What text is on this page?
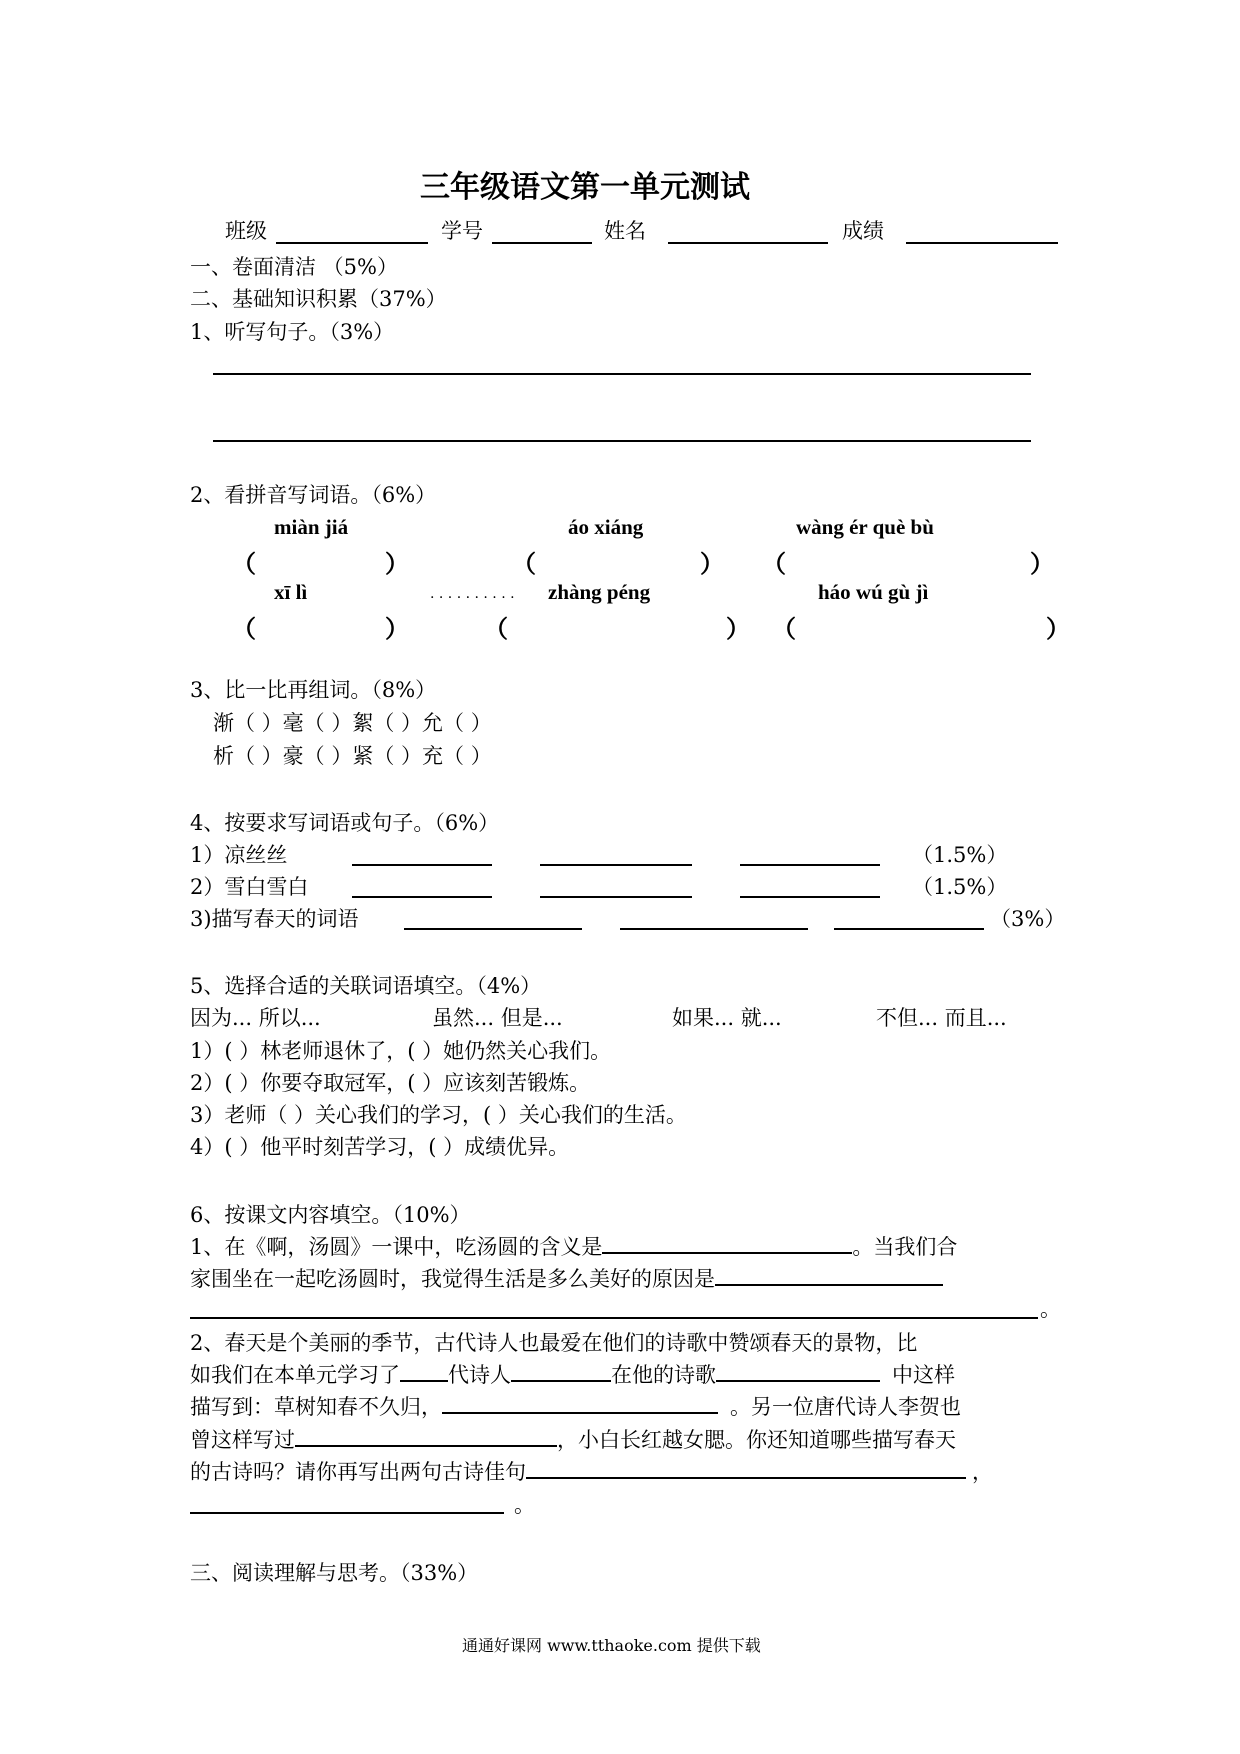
三年级语文第一单元测试
班级	学号	姓名	成绩
一、卷面清洁 （5%）
二、基础知识积累（37%）
1、听写句子。（3%）
2、看拼音写词语。（6%）
miàn jiá	áo xiáng	wàng ér què bù
（	）	（	） （	）
xī lì	. . . . . . . . . . zhàng péng	háo wú gù jì
（	）	（	） （	）
3、比一比再组词。（8%）
渐（ ）毫（ ）絮（ ）允（ ）
析（ ）豪（ ）紧（ ）充（ ）
4、按要求写词语或句子。（6%）
1）凉丝丝	（1.5%）
2）雪白雪白	（1.5%）
3)描写春天的词语	（3%）
5、选择合适的关联词语填空。（4%）
因为... 所以...	虽然... 但是...	如果... 就...	不但... 而且...
1）( ）林老师退休了，( ）她仍然关心我们。
2）( ）你要夺取冠军，( ）应该刻苦锻炼。
3）老师（ ）关心我们的学习，( ）关心我们的生活。
4）( ）他平时刻苦学习，( ）成绩优异。
6、按课文内容填空。（10%）
1、在《啊，汤圆》一课中，吃汤圆的含义是	。当我们合
家围坐在一起吃汤圆时，我觉得生活是多么美好的原因是
。
2、春天是个美丽的季节，古代诗人也最爱在他们的诗歌中赞颂春天的景物，比
如我们在本单元学习了 代诗人	在他的诗歌	中这样
描写到：草树知春不久归，	。另一位唐代诗人李贺也
曾这样写过	，小白长红越女腮。你还知道哪些描写春天
的古诗吗？请你再写出两句古诗佳句	，
。
三、阅读理解与思考。（33%）
通通好课网 www.tthaoke.com 提供下载
